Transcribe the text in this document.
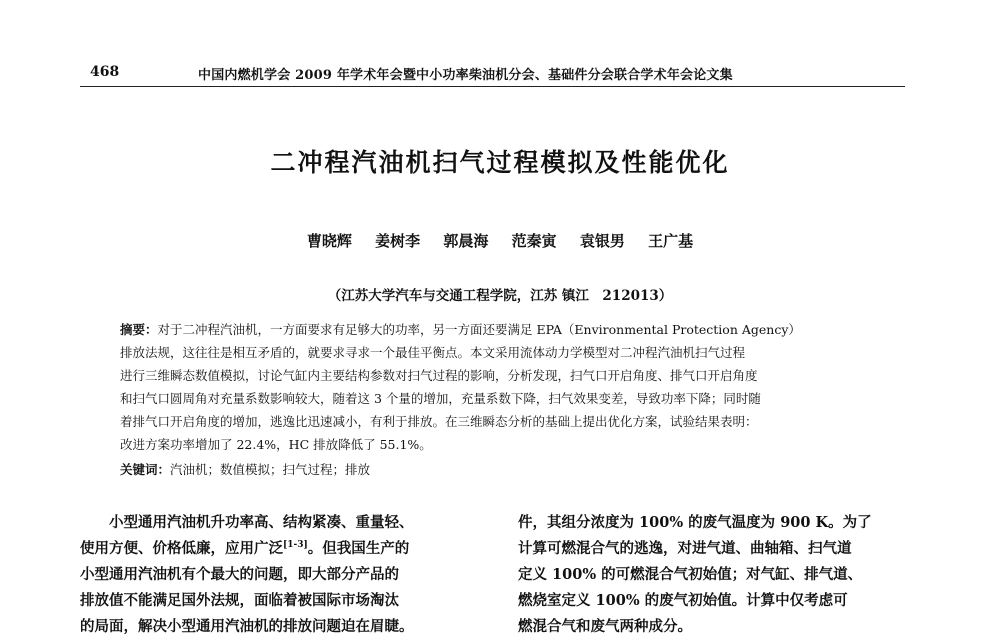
468	中国内燃机学会 2009 年学术年会暨中小功率柴油机分会、基础件分会联合学术年会论文集
二冲程汽油机扫气过程模拟及性能优化
曹晓辉 姜树李 郭晨海 范秦寅 袁银男 王广基
（江苏大学汽车与交通工程学院，江苏 镇江　212013）
摘要：对于二冲程汽油机，一方面要求有足够大的功率，另一方面还要满足 EPA（Environmental Protection Agency）
排放法规，这往往是相互矛盾的，就要求寻求一个最佳平衡点。本文采用流体动力学模型对二冲程汽油机扫气过程
进行三维瞬态数值模拟，讨论气缸内主要结构参数对扫气过程的影响，分析发现，扫气口开启角度、排气口开启角度
和扫气口圆周角对充量系数影响较大，随着这 3 个量的增加，充量系数下降，扫气效果变差，导致功率下降；同时随
着排气口开启角度的增加，逃逸比迅速减小，有利于排放。在三维瞬态分析的基础上提出优化方案，试验结果表明：
改进方案功率增加了 22.4%，HC 排放降低了 55.1%。
关键词：汽油机；数值模拟；扫气过程；排放
　　小型通用汽油机升功率高、结构紧凑、重量轻、
使用方便、价格低廉，应用广泛[1-3]。但我国生产的
小型通用汽油机有个最大的问题，即大部分产品的
排放值不能满足国外法规，面临着被国际市场淘汰
的局面，解决小型通用汽油机的排放问题迫在眉睫。
件，其组分浓度为 100% 的废气温度为 900 K。为了
计算可燃混合气的逃逸，对进气道、曲轴箱、扫气道
定义 100% 的可燃混合气初始值；对气缸、排气道、
燃烧室定义 100% 的废气初始值。计算中仅考虑可
燃混合气和废气两种成分。
